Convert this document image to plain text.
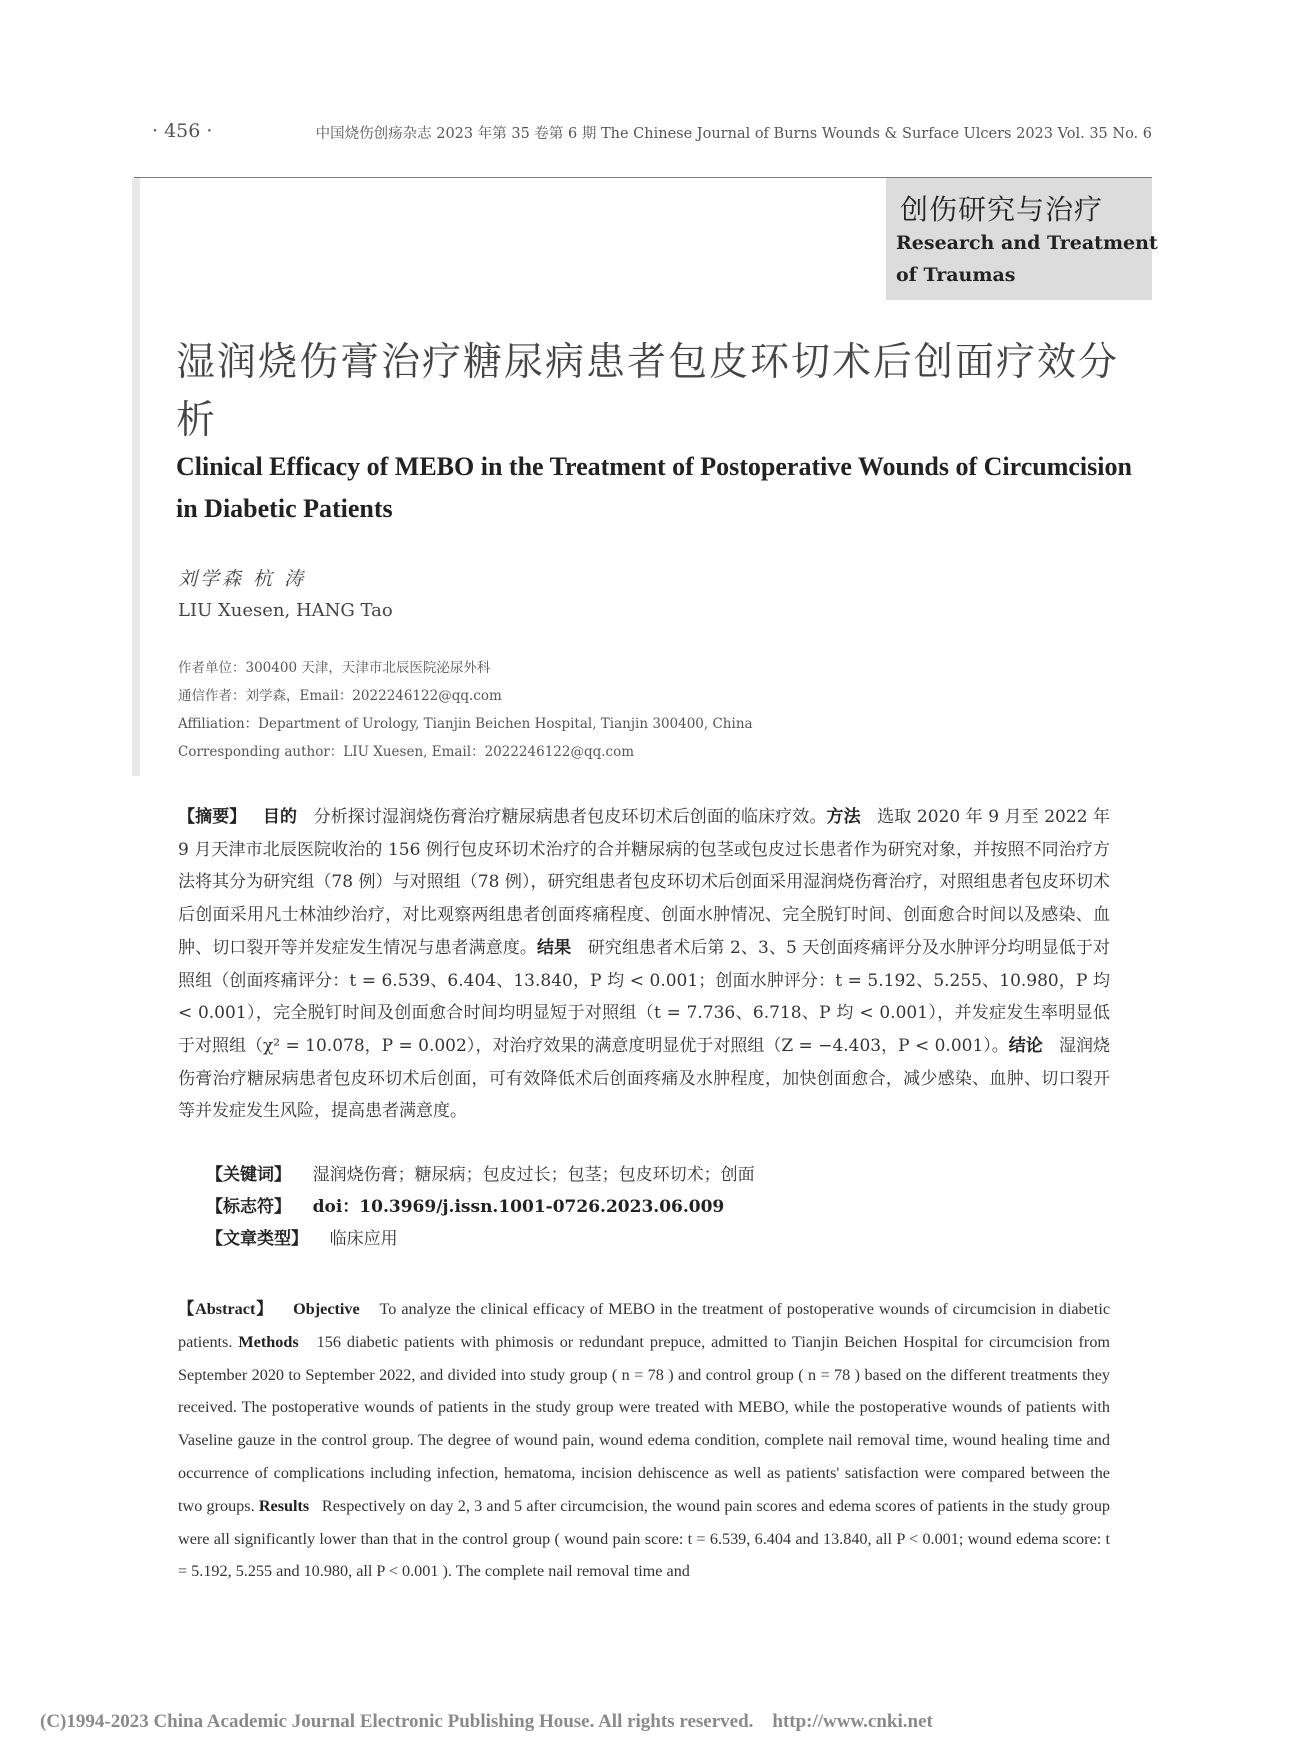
· 456 ·	中国烧伤创疡杂志 2023 年第 35 卷第 6 期 The Chinese Journal of Burns Wounds & Surface Ulcers 2023 Vol. 35 No. 6
创伤研究与治疗
Research and Treatment
of Traumas
湿润烧伤膏治疗糖尿病患者包皮环切术后创面疗效分析
Clinical Efficacy of MEBO in the Treatment of Postoperative Wounds of Circumcision in Diabetic Patients
刘学森 杭 涛
LIU Xuesen, HANG Tao
作者单位：300400 天津，天津市北辰医院泌尿外科
通信作者：刘学森，Email：2022246122@qq.com
Affiliation：Department of Urology, Tianjin Beichen Hospital, Tianjin 300400, China
Corresponding author：LIU Xuesen, Email：2022246122@qq.com
【摘要】 目的 分析探讨湿润烧伤膏治疗糖尿病患者包皮环切术后创面的临床疗效。方法 选取 2020 年 9 月至 2022 年 9 月天津市北辰医院收治的 156 例行包皮环切术治疗的合并糖尿病的包茎或包皮过长患者作为研究对象，并按照不同治疗方法将其分为研究组（78 例）与对照组（78 例），研究组患者包皮环切术后创面采用湿润烧伤膏治疗，对照组患者包皮环切术后创面采用凡士林油纱治疗，对比观察两组患者创面疼痛程度、创面水肿情况、完全脱钉时间、创面愈合时间以及感染、血肿、切口裂开等并发症发生情况与患者满意度。结果 研究组患者术后第 2、3、5 天创面疼痛评分及水肿评分均明显低于对照组（创面疼痛评分：t = 6.539、6.404、13.840，P 均 < 0.001；创面水肿评分：t = 5.192、5.255、10.980，P 均 < 0.001），完全脱钉时间及创面愈合时间均明显短于对照组（t = 7.736、6.718、P 均 < 0.001），并发症发生率明显低于对照组（χ² = 10.078，P = 0.002），对治疗效果的满意度明显优于对照组（Z = −4.403，P < 0.001）。结论 湿润烧伤膏治疗糖尿病患者包皮环切术后创面，可有效降低术后创面疼痛及水肿程度，加快创面愈合，减少感染、血肿、切口裂开等并发症发生风险，提高患者满意度。
【关键词】 湿润烧伤膏；糖尿病；包皮过长；包茎；包皮环切术；创面
【标志符】 doi：10.3969/j.issn.1001-0726.2023.06.009
【文章类型】 临床应用
【Abstract】 Objective To analyze the clinical efficacy of MEBO in the treatment of postoperative wounds of circumcision in diabetic patients. Methods 156 diabetic patients with phimosis or redundant prepuce, admitted to Tianjin Beichen Hospital for circumcision from September 2020 to September 2022, and divided into study group ( n = 78 ) and control group ( n = 78 ) based on the different treatments they received. The postoperative wounds of patients in the study group were treated with MEBO, while the postoperative wounds of patients with Vaseline gauze in the control group. The degree of wound pain, wound edema condition, complete nail removal time, wound healing time and occurrence of complications including infection, hematoma, incision dehiscence as well as patients' satisfaction were compared between the two groups. Results Respectively on day 2, 3 and 5 after circumcision, the wound pain scores and edema scores of patients in the study group were all significantly lower than that in the control group ( wound pain score: t = 6.539, 6.404 and 13.840, all P < 0.001; wound edema score: t = 5.192, 5.255 and 10.980, all P < 0.001 ). The complete nail removal time and
(C)1994-2023 China Academic Journal Electronic Publishing House. All rights reserved.    http://www.cnki.net
